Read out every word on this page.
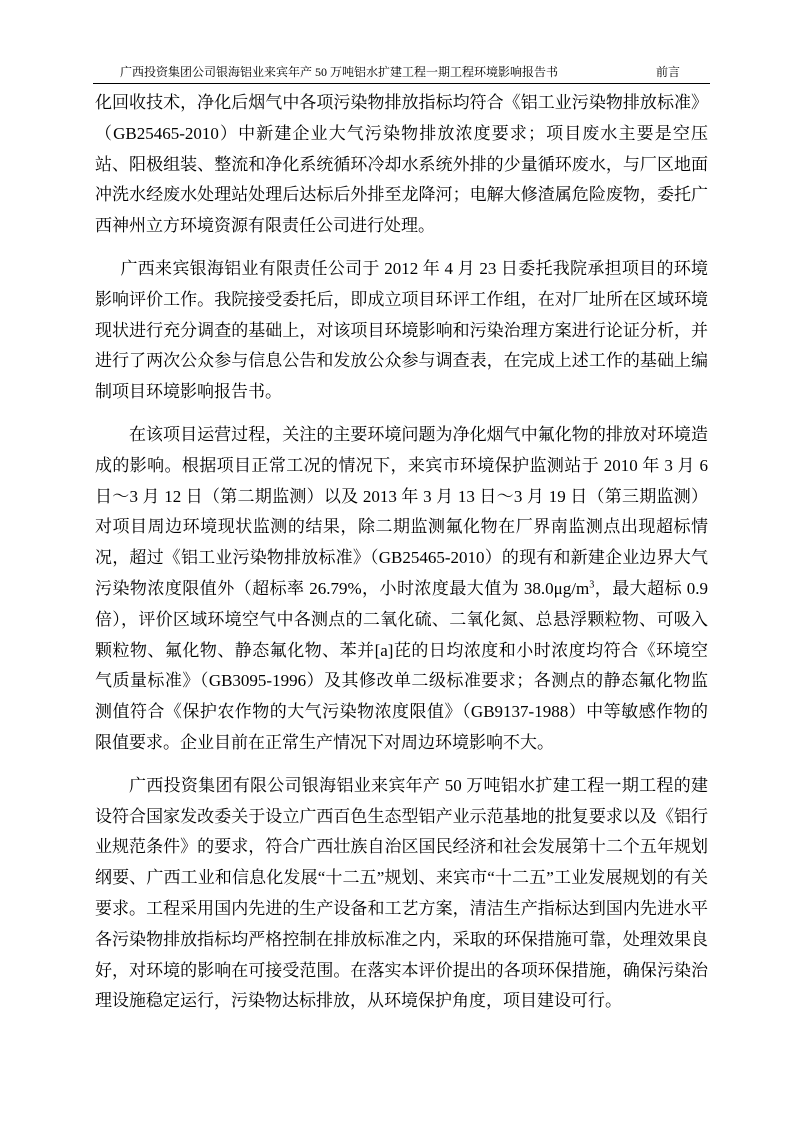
广西投资集团公司银海铝业来宾年产 50 万吨铝水扩建工程一期工程环境影响报告书	前言

化回收技术，净化后烟气中各项污染物排放指标均符合《铝工业污染物排放标准》（GB25465-2010）中新建企业大气污染物排放浓度要求；项目废水主要是空压站、阳极组装、整流和净化系统循环冷却水系统外排的少量循环废水，与厂区地面冲洗水经废水处理站处理后达标后外排至龙降河；电解大修渣属危险废物，委托广西神州立方环境资源有限责任公司进行处理。

广西来宾银海铝业有限责任公司于 2012 年 4 月 23 日委托我院承担项目的环境影响评价工作。我院接受委托后，即成立项目环评工作组，在对厂址所在区域环境现状进行充分调查的基础上，对该项目环境影响和污染治理方案进行论证分析，并进行了两次公众参与信息公告和发放公众参与调查表，在完成上述工作的基础上编制项目环境影响报告书。

在该项目运营过程，关注的主要环境问题为净化烟气中氟化物的排放对环境造成的影响。根据项目正常工况的情况下，来宾市环境保护监测站于 2010 年 3 月 6 日～3 月 12 日（第二期监测）以及 2013 年 3 月 13 日～3 月 19 日（第三期监测）对项目周边环境现状监测的结果，除二期监测氟化物在厂界南监测点出现超标情况，超过《铝工业污染物排放标准》（GB25465-2010）的现有和新建企业边界大气污染物浓度限值外（超标率 26.79%，小时浓度最大值为 $38.0\mu g/m^3$，最大超标 0.9 倍），评价区域环境空气中各测点的二氧化硫、二氧化氮、总悬浮颗粒物、可吸入颗粒物、氟化物、静态氟化物、苯并[a]芘的日均浓度和小时浓度均符合《环境空气质量标准》（GB3095-1996）及其修改单二级标准要求；各测点的静态氟化物监测值符合《保护农作物的大气污染物浓度限值》（GB9137-1988）中等敏感作物的限值要求。企业目前在正常生产情况下对周边环境影响不大。

广西投资集团有限公司银海铝业来宾年产 50 万吨铝水扩建工程一期工程的建设符合国家发改委关于设立广西百色生态型铝产业示范基地的批复要求以及《铝行业规范条件》的要求，符合广西壮族自治区国民经济和社会发展第十二个五年规划纲要、广西工业和信息化发展“十二五”规划、来宾市“十二五”工业发展规划的有关要求。工程采用国内先进的生产设备和工艺方案，清洁生产指标达到国内先进水平各污染物排放指标均严格控制在排放标准之内，采取的环保措施可靠，处理效果良好，对环境的影响在可接受范围。在落实本评价提出的各项环保措施，确保污染治理设施稳定运行，污染物达标排放，从环境保护角度，项目建设可行。
